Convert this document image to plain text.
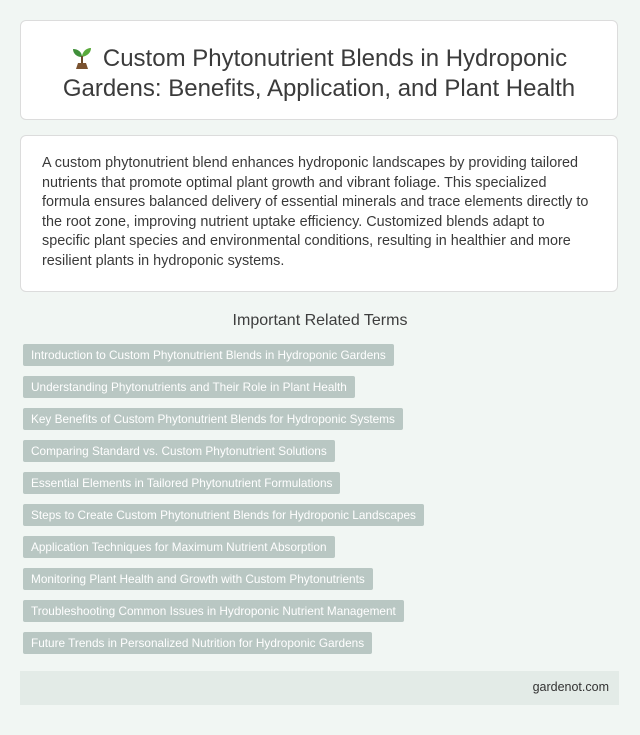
Custom Phytonutrient Blends in Hydroponic Gardens: Benefits, Application, and Plant Health

A custom phytonutrient blend enhances hydroponic landscapes by providing tailored nutrients that promote optimal plant growth and vibrant foliage. This specialized formula ensures balanced delivery of essential minerals and trace elements directly to the root zone, improving nutrient uptake efficiency. Customized blends adapt to specific plant species and environmental conditions, resulting in healthier and more resilient plants in hydroponic systems.

Important Related Terms
Introduction to Custom Phytonutrient Blends in Hydroponic Gardens
Understanding Phytonutrients and Their Role in Plant Health
Key Benefits of Custom Phytonutrient Blends for Hydroponic Systems
Comparing Standard vs. Custom Phytonutrient Solutions
Essential Elements in Tailored Phytonutrient Formulations
Steps to Create Custom Phytonutrient Blends for Hydroponic Landscapes
Application Techniques for Maximum Nutrient Absorption
Monitoring Plant Health and Growth with Custom Phytonutrients
Troubleshooting Common Issues in Hydroponic Nutrient Management
Future Trends in Personalized Nutrition for Hydroponic Gardens
gardenot.com
